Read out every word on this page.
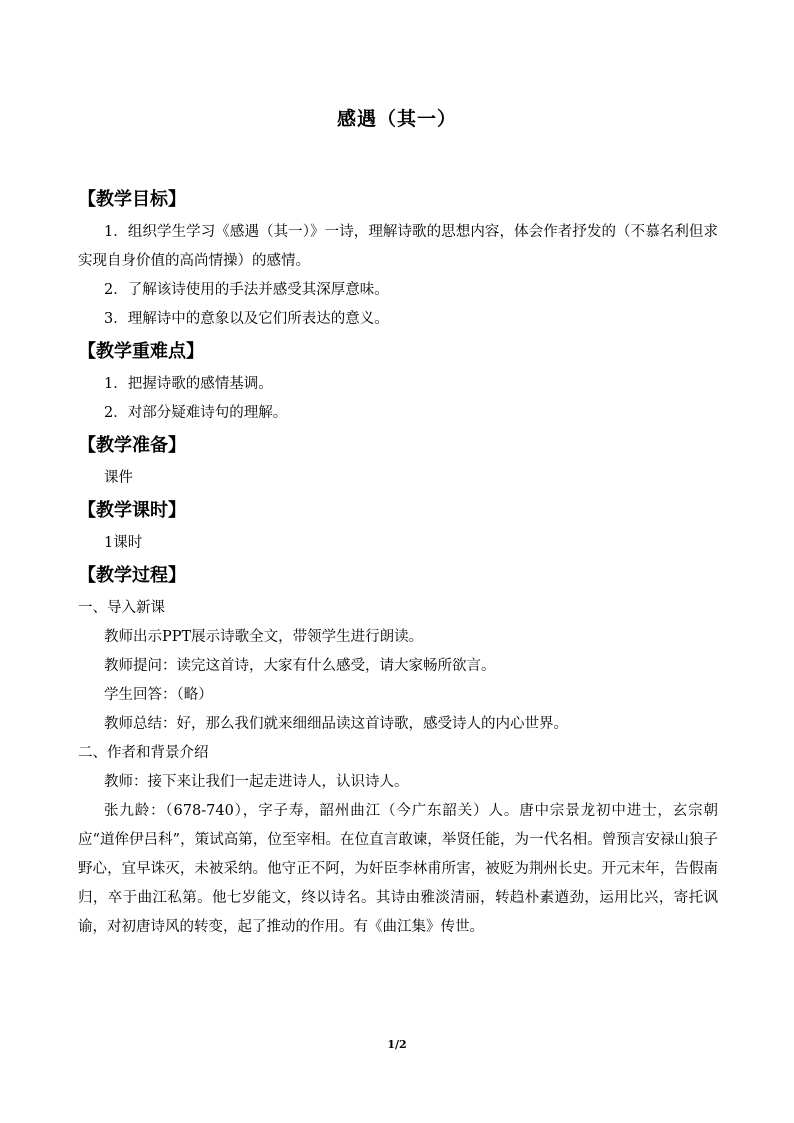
感遇（其一）
【教学目标】

1．组织学生学习《感遇（其一）》一诗，理解诗歌的思想内容，体会作者抒发的（不慕名利但求实现自身价值的高尚情操）的感情。

2．了解该诗使用的手法并感受其深厚意味。

3．理解诗中的意象以及它们所表达的意义。

【教学重难点】

1．把握诗歌的感情基调。

2．对部分疑难诗句的理解。

【教学准备】

课件

【教学课时】

1课时

【教学过程】

一、导入新课

教师出示PPT展示诗歌全文，带领学生进行朗读。

教师提问：读完这首诗，大家有什么感受，请大家畅所欲言。

学生回答：（略）

教师总结：好，那么我们就来细细品读这首诗歌，感受诗人的内心世界。

二、作者和背景介绍

教师：接下来让我们一起走进诗人，认识诗人。

张九龄：（678-740），字子寿，韶州曲江（今广东韶关）人。唐中宗景龙初中进士，玄宗朝应“道侔伊吕科”，策试高第，位至宰相。在位直言敢谏，举贤任能，为一代名相。曾预言安禄山狼子野心，宜早诛灭，未被采纳。他守正不阿，为奸臣李林甫所害，被贬为荆州长史。开元末年，告假南归，卒于曲江私第。他七岁能文，终以诗名。其诗由雅淡清丽，转趋朴素遒劲，运用比兴，寄托讽谕，对初唐诗风的转变，起了推动的作用。有《曲江集》传世。

1/2
